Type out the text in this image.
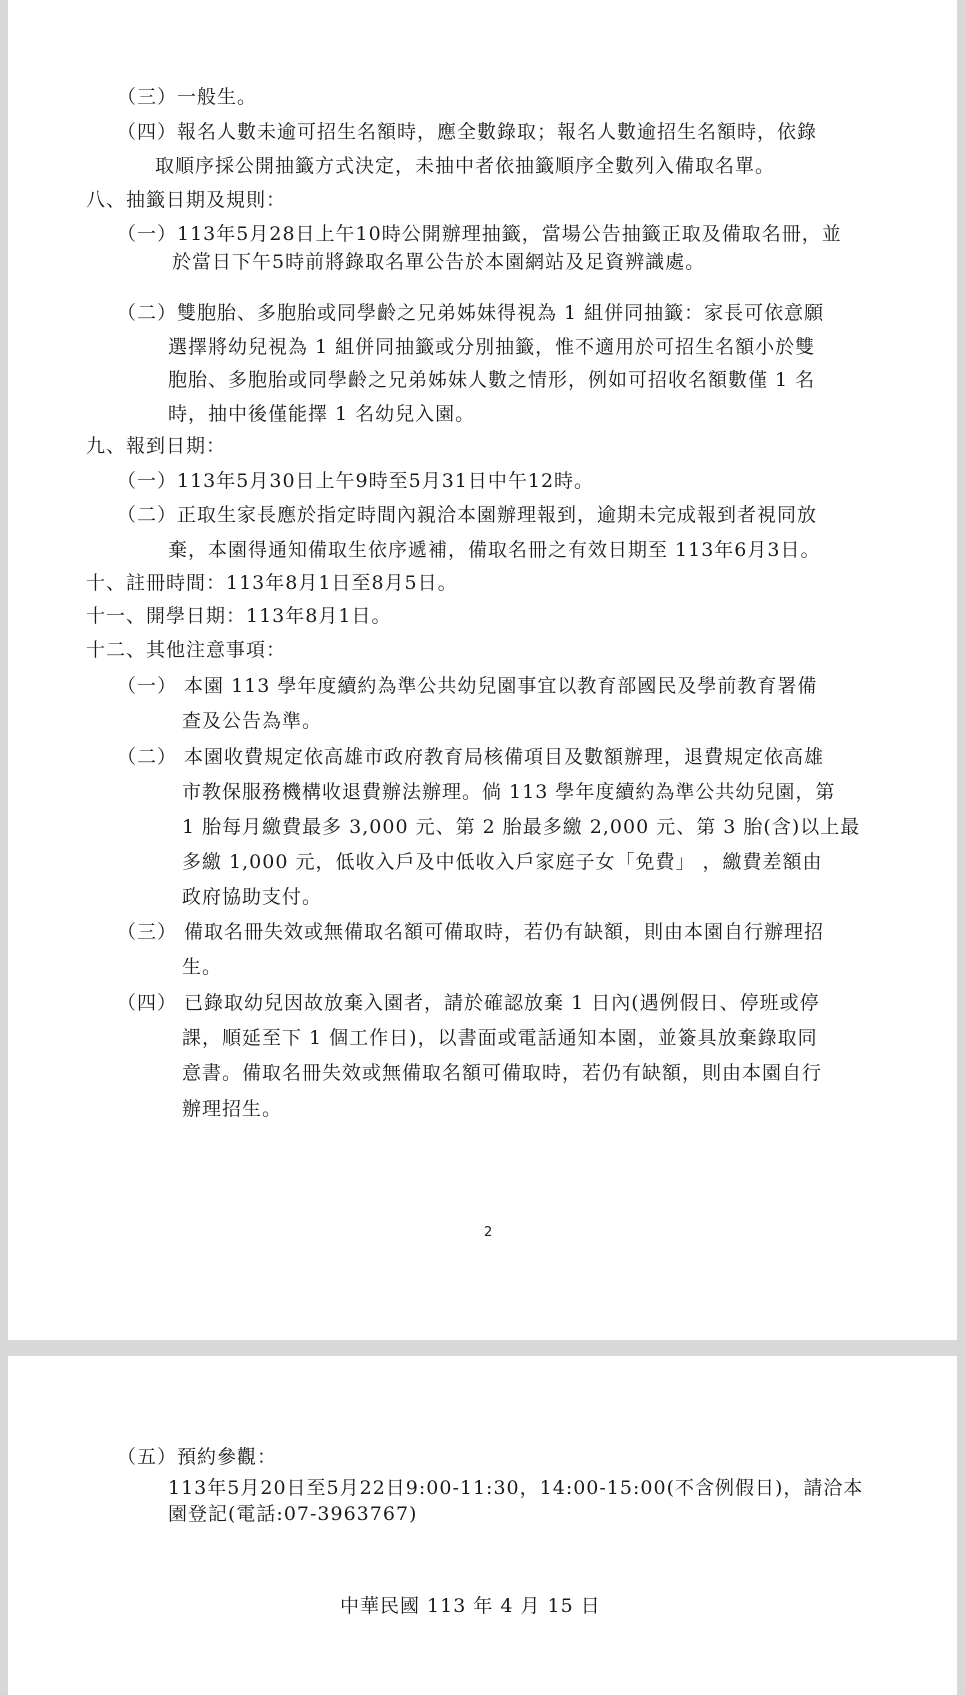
（三）一般生。
（四）報名人數未逾可招生名額時，應全數錄取；報名人數逾招生名額時，依錄
取順序採公開抽籤方式決定，未抽中者依抽籤順序全數列入備取名單。
八、抽籤日期及規則：
（一）113年5月28日上午10時公開辦理抽籤，當場公告抽籤正取及備取名冊，並
於當日下午5時前將錄取名單公告於本園網站及足資辨識處。
（二）雙胞胎、多胞胎或同學齡之兄弟姊妹得視為 1 組併同抽籤：家長可依意願
選擇將幼兒視為 1 組併同抽籤或分別抽籤，惟不適用於可招生名額小於雙
胞胎、多胞胎或同學齡之兄弟姊妹人數之情形，例如可招收名額數僅 1 名
時，抽中後僅能擇 1 名幼兒入園。
九、報到日期：
（一）113年5月30日上午9時至5月31日中午12時。
（二）正取生家長應於指定時間內親洽本園辦理報到，逾期未完成報到者視同放
棄，本園得通知備取生依序遞補，備取名冊之有效日期至 113年6月3日。
十、註冊時間：113年8月1日至8月5日。
十一、開學日期：113年8月1日。
十二、其他注意事項：
（一） 本園 113 學年度續約為準公共幼兒園事宜以教育部國民及學前教育署備
查及公告為準。
（二） 本園收費規定依高雄市政府教育局核備項目及數額辦理，退費規定依高雄
市教保服務機構收退費辦法辦理。倘 113 學年度續約為準公共幼兒園，第
1 胎每月繳費最多 3,000 元、第 2 胎最多繳 2,000 元、第 3 胎(含)以上最
多繳 1,000 元，低收入戶及中低收入戶家庭子女「免費」 ，繳費差額由
政府協助支付。
（三） 備取名冊失效或無備取名額可備取時，若仍有缺額，則由本園自行辦理招
生。
（四） 已錄取幼兒因故放棄入園者，請於確認放棄 1 日內(遇例假日、停班或停
課，順延至下 1 個工作日)，以書面或電話通知本園，並簽具放棄錄取同
意書。備取名冊失效或無備取名額可備取時，若仍有缺額，則由本園自行
辦理招生。
2
（五）預約參觀：
113年5月20日至5月22日9:00-11:30，14:00-15:00(不含例假日)，請洽本
園登記(電話:07-3963767)
中華民國 113 年 4 月 15 日
